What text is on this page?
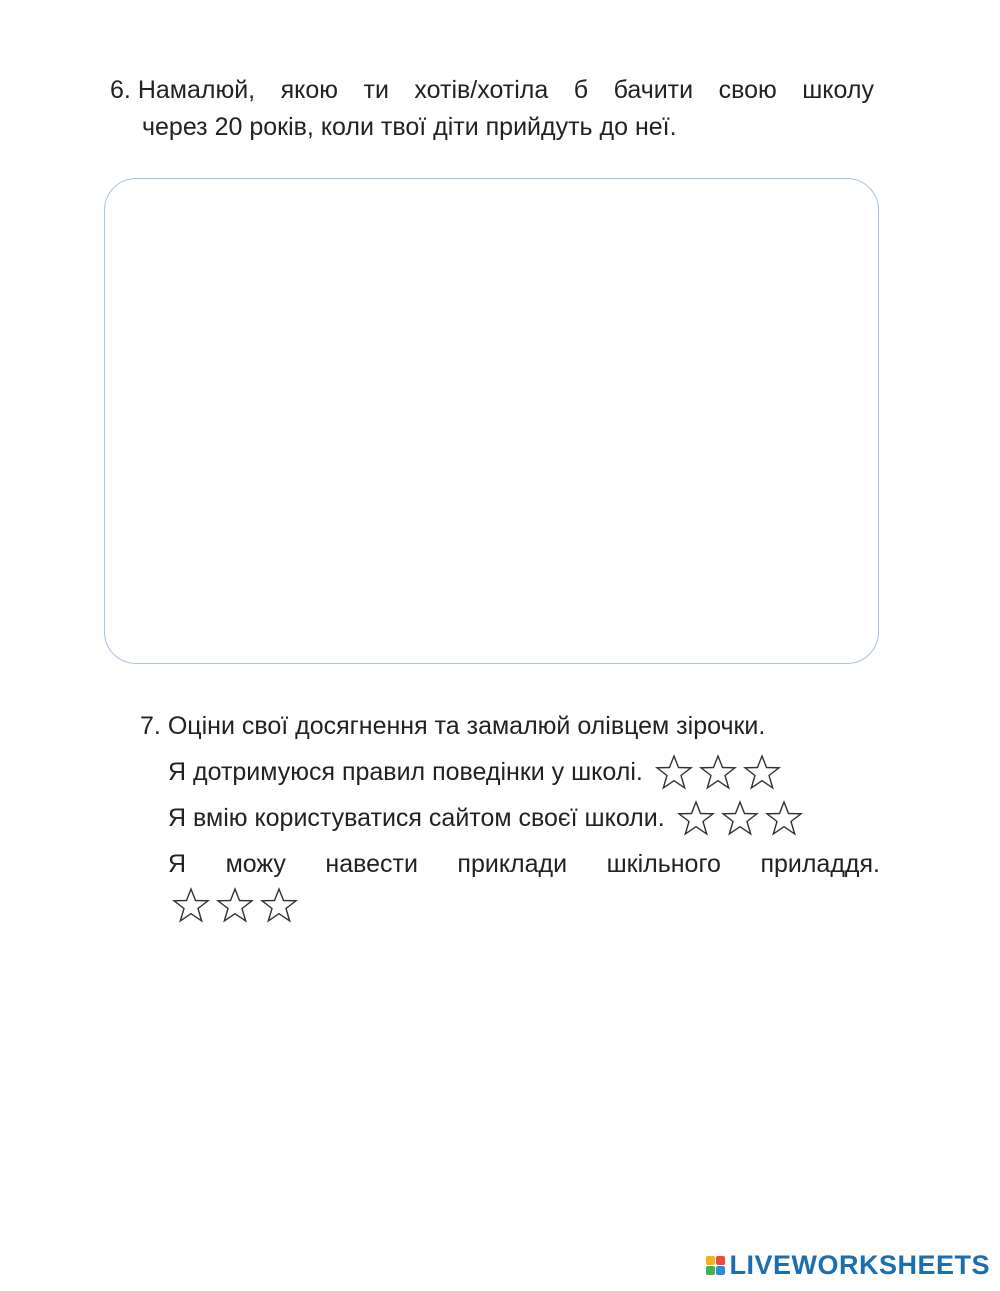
6. Намалюй, якою ти хотів/хотіла б бачити свою школу
через 20 років, коли твої діти прийдуть до неї.
7.
Оціни свої досягнення та замалюй олівцем зірочки.
Я дотримуюся правил поведінки у школі.
Я вмію користуватися сайтом своєї школи.
Я можу навести приклади шкільного приладдя.
LIVEWORKSHEETS
